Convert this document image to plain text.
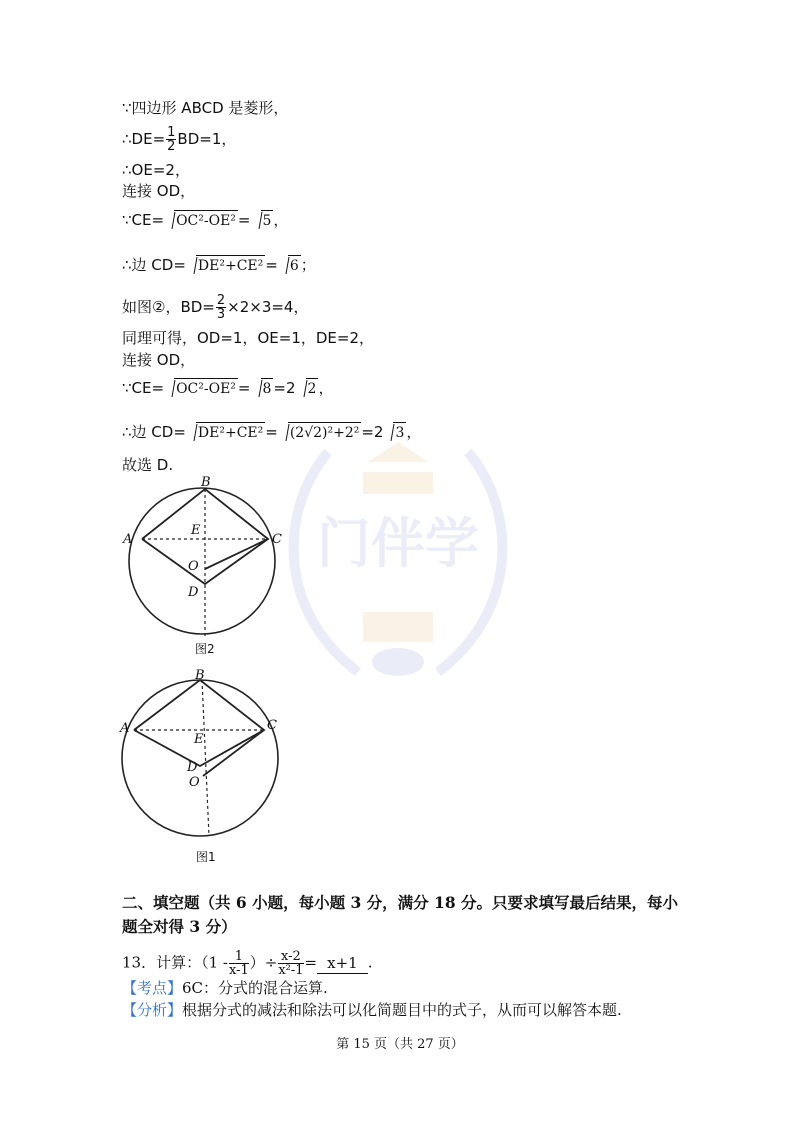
门伴学
∵四边形 ABCD 是菱形，
∴DE= $\frac{1}{2} BD=1$，
∴OE=2，
连接 OD，
∵CE= OC²-OE² = 5 ，
∴边 CD= DE²+CE² = 6 ；
如图②，$BD= \frac{2}{3} \times 2\times 3=4$，
同理可得，OD=1，OE=1，DE=2，
连接 OD，
∵CE= OC²-OE² = 8 =2 2 ，
∴边 CD= DE²+CE² = (2√2)²+2² =2 3 ，
故选 D.
B
A
E
C
O
D
图2
B
A
E
C
D
O
图1
二、填空题（共 6 小题，每小题 3 分，满分 18 分。只要求填写最后结果，每小题全对得 3 分）
13．计算：（$1 - \frac{1}{x-1}$ ）÷ $\frac{x-2}{\text{x²-1}} = x+1$ .
【考点】6C：分式的混合运算.
【分析】根据分式的减法和除法可以化简题目中的式子，从而可以解答本题.
第 15 页（共 27 页）
